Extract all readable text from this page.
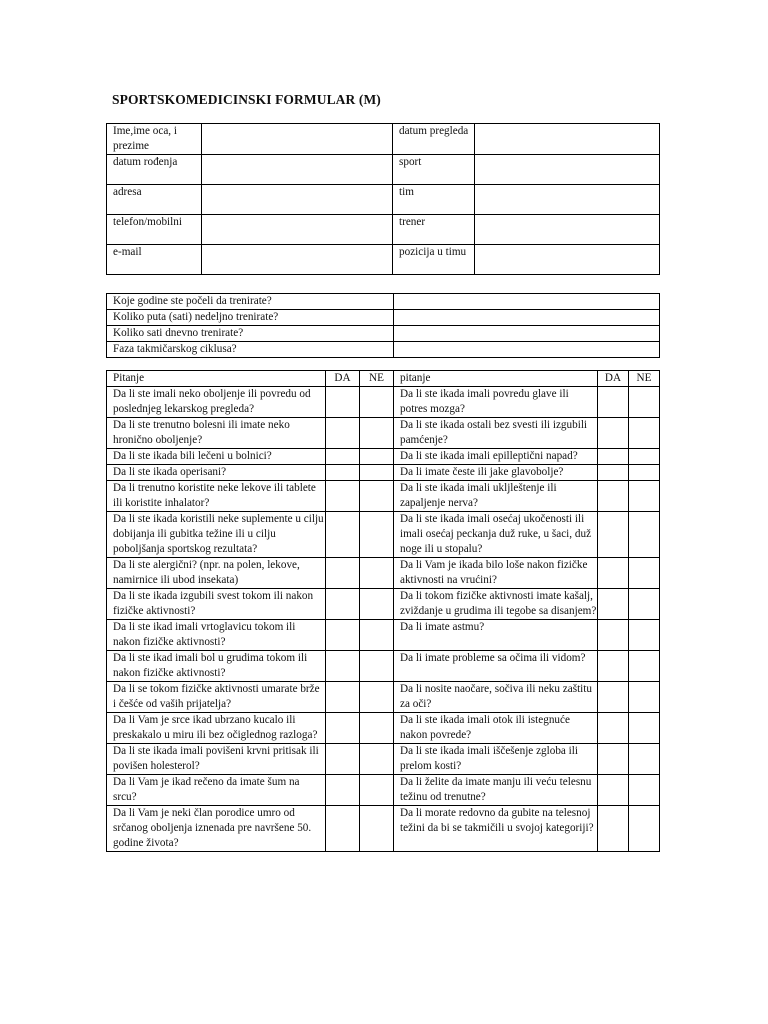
SPORTSKOMEDICINSKI FORMULAR (M)
Ime,ime oca, i prezime		datum pregleda	
datum rođenja		sport	
adresa		tim	
telefon/mobilni		trener	
e-mail		pozicija u timu	
Koje godine ste počeli da trenirate?	
Koliko puta (sati) nedeljno trenirate?	
Koliko sati dnevno trenirate?	
Faza takmičarskog ciklusa?	
Pitanje	DA	NE	pitanje	DA	NE
Da li ste imali neko oboljenje ili povredu od poslednjeg lekarskog pregleda?			Da li ste ikada imali povredu glave ili potres mozga?		
Da li ste trenutno bolesni ili imate neko hronično oboljenje?			Da li ste ikada ostali bez svesti ili izgubili pamćenje?		
Da li ste ikada bili lečeni u bolnici?			Da li ste ikada imali epilleptični napad?		
Da li ste ikada operisani?			Da li imate česte ili jake glavobolje?		
Da li trenutno koristite neke lekove ili tablete ili koristite inhalator?			Da li ste ikada imali ukljleštenje ili zapaljenje nerva?		
Da li ste ikada koristili neke suplemente u cilju dobijanja ili gubitka težine ili u cilju poboljšanja sportskog rezultata?			Da li ste ikada imali osećaj ukočenosti ili imali osećaj peckanja duž ruke, u šaci, duž noge ili u stopalu?		
Da li ste alergični? (npr. na polen, lekove, namirnice ili ubod insekata)			Da li Vam je ikada bilo loše nakon fizičke aktivnosti na vrućini?		
Da li ste ikada izgubili svest tokom ili nakon fizičke aktivnosti?			Da li tokom fizičke aktivnosti imate kašalj, zviždanje u grudima ili tegobe sa disanjem?		
Da li ste ikad imali vrtoglavicu tokom ili nakon fizičke aktivnosti?			Da li imate astmu?		
Da li ste ikad imali bol u grudima tokom ili nakon fizičke aktivnosti?			Da li imate probleme sa očima ili vidom?		
Da li se tokom fizičke aktivnosti umarate brže i češće od vaših prijatelja?			Da li nosite naočare, sočiva ili neku zaštitu za oči?		
Da li Vam je srce ikad ubrzano kucalo ili preskakalo u miru ili bez očiglednog razloga?			Da li ste ikada imali otok ili istegnuće nakon povrede?		
Da li ste ikada imali povišeni krvni pritisak ili povišen holesterol?			Da li ste ikada imali iščešenje zgloba ili prelom kosti?		
Da li Vam je ikad rečeno da imate šum na srcu?			Da li želite da imate manju ili veću telesnu težinu od trenutne?		
Da li Vam je neki član porodice umro od srčanog oboljenja iznenada pre navršene 50. godine života?			Da li morate redovno da gubite na telesnoj težini da bi se takmičili u svojoj kategoriji?		
